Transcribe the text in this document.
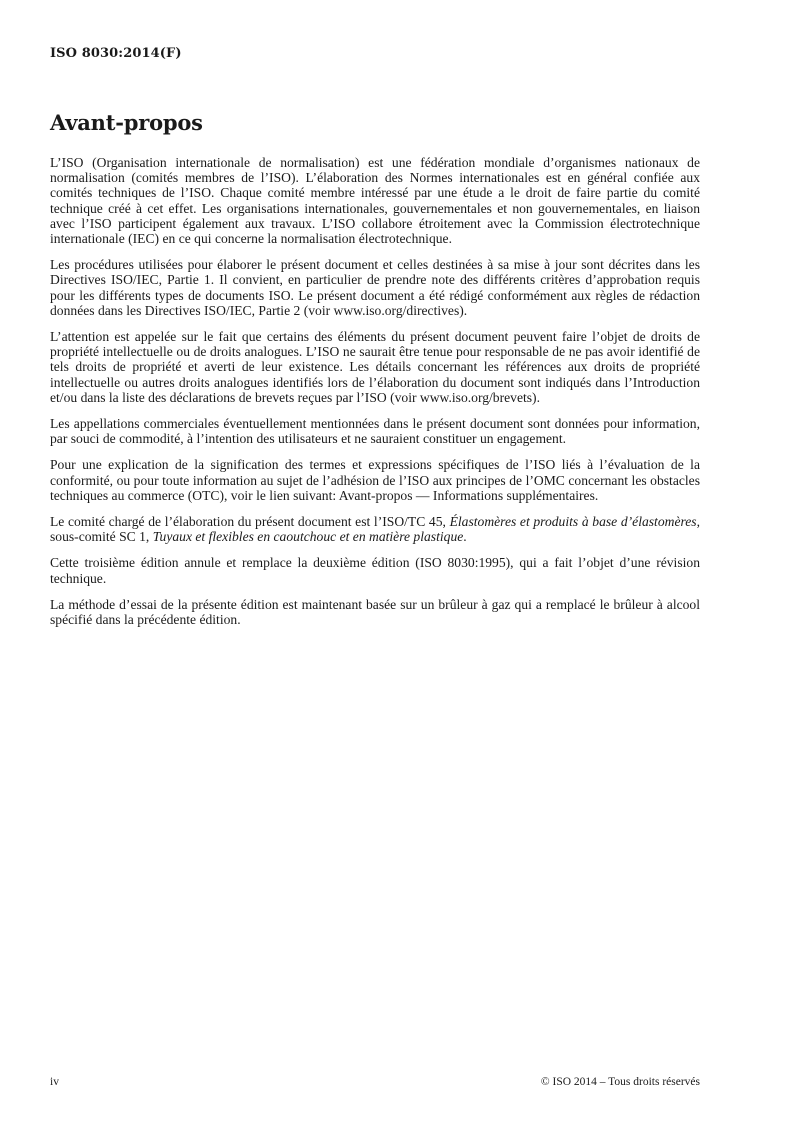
ISO 8030:2014(F)
Avant-propos

L’ISO (Organisation internationale de normalisation) est une fédération mondiale d’organismes nationaux de normalisation (comités membres de l’ISO). L’élaboration des Normes internationales est en général confiée aux comités techniques de l’ISO. Chaque comité membre intéressé par une étude a le droit de faire partie du comité technique créé à cet effet. Les organisations internationales, gouvernementales et non gouvernementales, en liaison avec l’ISO participent également aux travaux. L’ISO collabore étroitement avec la Commission électrotechnique internationale (IEC) en ce qui concerne la normalisation électrotechnique.

Les procédures utilisées pour élaborer le présent document et celles destinées à sa mise à jour sont décrites dans les Directives ISO/IEC, Partie 1. Il convient, en particulier de prendre note des différents critères d’approbation requis pour les différents types de documents ISO. Le présent document a été rédigé conformément aux règles de rédaction données dans les Directives ISO/IEC, Partie 2 (voir www.iso.org/directives).

L’attention est appelée sur le fait que certains des éléments du présent document peuvent faire l’objet de droits de propriété intellectuelle ou de droits analogues. L’ISO ne saurait être tenue pour responsable de ne pas avoir identifié de tels droits de propriété et averti de leur existence. Les détails concernant les références aux droits de propriété intellectuelle ou autres droits analogues identifiés lors de l’élaboration du document sont indiqués dans l’Introduction et/ou dans la liste des déclarations de brevets reçues par l’ISO (voir www.iso.org/brevets).

Les appellations commerciales éventuellement mentionnées dans le présent document sont données pour information, par souci de commodité, à l’intention des utilisateurs et ne sauraient constituer un engagement.

Pour une explication de la signification des termes et expressions spécifiques de l’ISO liés à l’évaluation de la conformité, ou pour toute information au sujet de l’adhésion de l’ISO aux principes de l’OMC concernant les obstacles techniques au commerce (OTC), voir le lien suivant: Avant-propos — Informations supplémentaires.

Le comité chargé de l’élaboration du présent document est l’ISO/TC 45, Élastomères et produits à base d’élastomères, sous-comité SC 1, Tuyaux et flexibles en caoutchouc et en matière plastique.

Cette troisième édition annule et remplace la deuxième édition (ISO 8030:1995), qui a fait l’objet d’une révision technique.

La méthode d’essai de la présente édition est maintenant basée sur un brûleur à gaz qui a remplacé le brûleur à alcool spécifié dans la précédente édition.

iv	© ISO 2014 – Tous droits réservés
